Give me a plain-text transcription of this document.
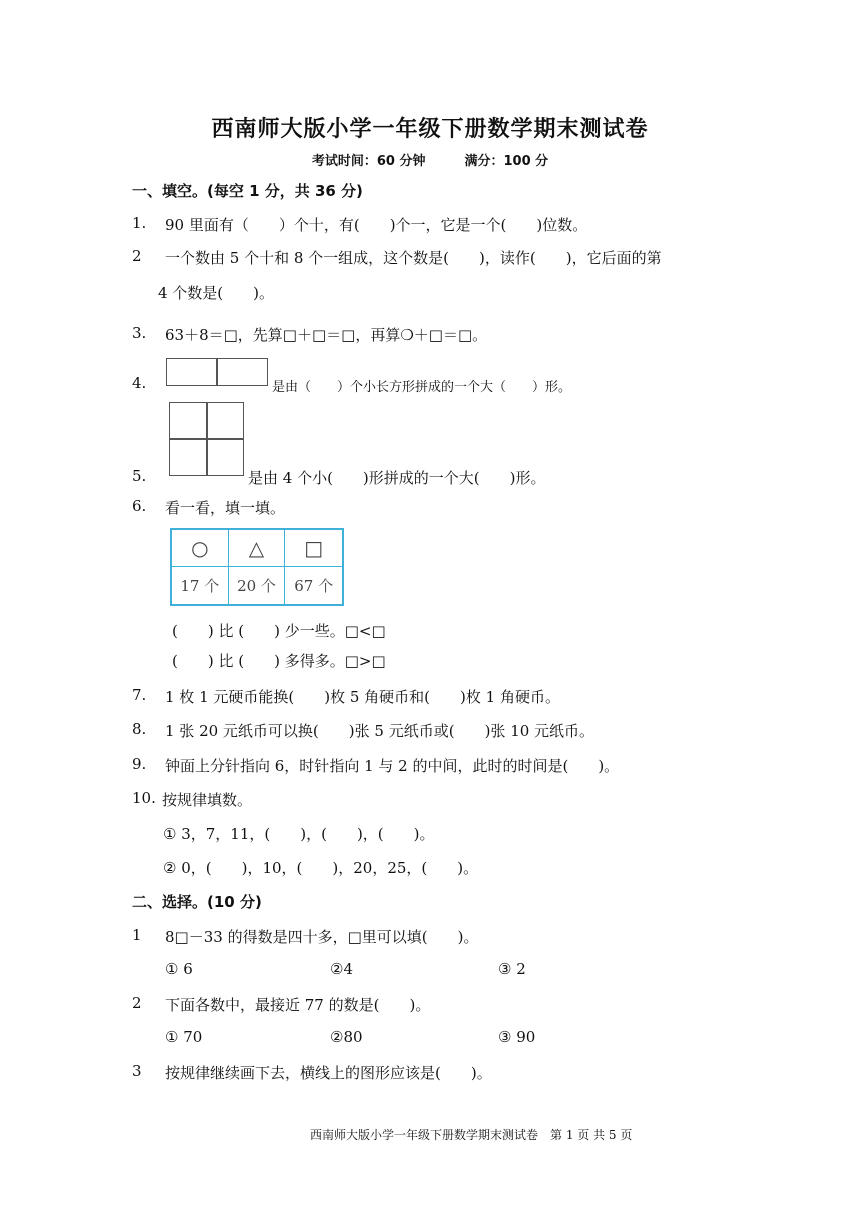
西南师大版小学一年级下册数学期末测试卷
考试时间：60 分钟　　　满分：100 分
一、填空。(每空 1 分，共 36 分)
1. 90 里面有（　　）个十，有(　　)个一，它是一个(　　)位数。
2 一个数由 5 个十和 8 个一组成，这个数是(　　)，读作(　　)，它后面的第
4 个数是(　　)。
3. 63＋8＝□，先算□＋□＝□，再算❍＋□＝□。
4.	是由（　　）个小长方形拼成的一个大（　　）形。
5.	是由 4 个小(　　)形拼成的一个大(　　)形。
6. 看一看，填一填。
○	△	□
17 个	20 个	67 个
(　　) 比 (　　) 少一些。□<□
(　　) 比 (　　) 多得多。□>□
7. 1 枚 1 元硬币能换(　　)枚 5 角硬币和(　　)枚 1 角硬币。
8. 1 张 20 元纸币可以换(　　)张 5 元纸币或(　　)张 10 元纸币。
9. 钟面上分针指向 6，时针指向 1 与 2 的中间，此时的时间是(　　)。
10. 按规律填数。
① 3，7，11，(　　)，(　　)，(　　)。
② 0，(　　)，10，(　　)，20，25，(　　)。
二、选择。(10 分)
1 8□－33 的得数是四十多，□里可以填(　　)。
① 6	②4	③ 2
2 下面各数中，最接近 77 的数是(　　)。
① 70	②80	③ 90
3 按规律继续画下去，横线上的图形应该是(　　)。
西南师大版小学一年级下册数学期末测试卷　第 1 页 共 5 页
